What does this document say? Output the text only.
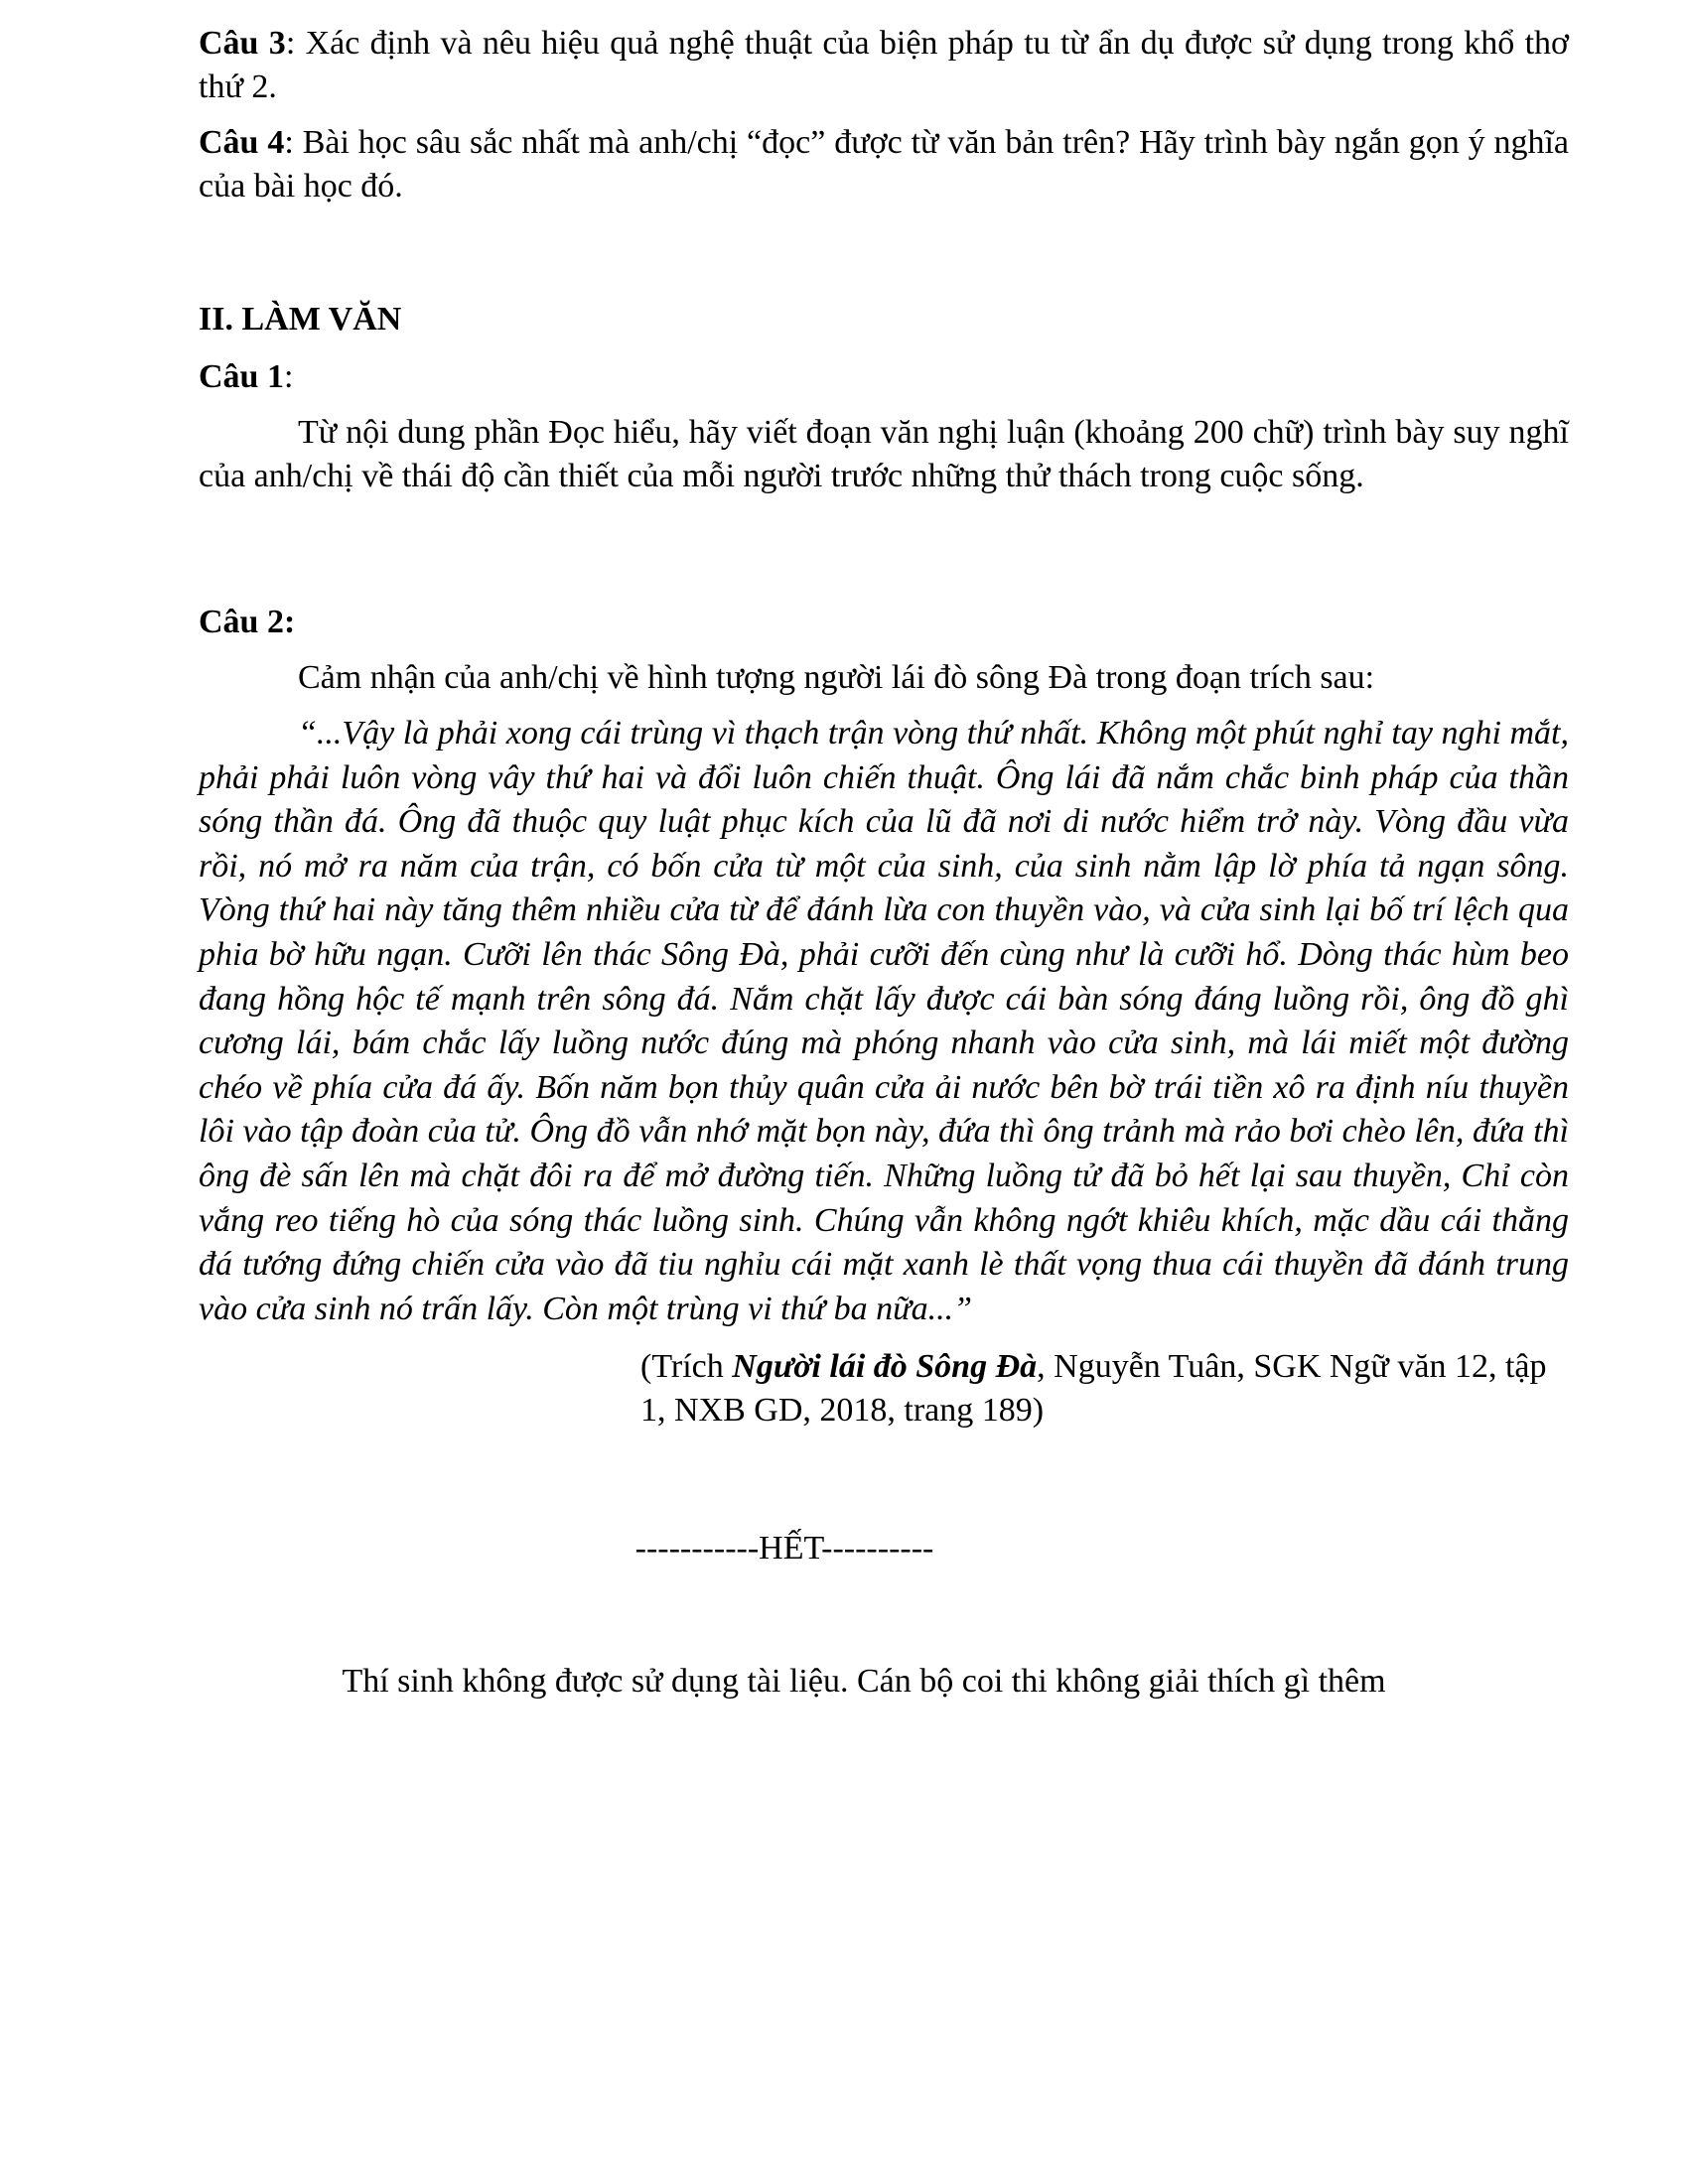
Câu 3: Xác định và nêu hiệu quả nghệ thuật của biện pháp tu từ ẩn dụ được sử dụng trong khổ thơ thứ 2.

Câu 4: Bài học sâu sắc nhất mà anh/chị “đọc” được từ văn bản trên? Hãy trình bày ngắn gọn ý nghĩa của bài học đó.

II. LÀM VĂN

Câu 1:

Từ nội dung phần Đọc hiểu, hãy viết đoạn văn nghị luận (khoảng 200 chữ) trình bày suy nghĩ của anh/chị về thái độ cần thiết của mỗi người trước những thử thách trong cuộc sống.

Câu 2:

Cảm nhận của anh/chị về hình tượng người lái đò sông Đà trong đoạn trích sau:

“...Vậy là phải xong cái trùng vì thạch trận vòng thứ nhất. Không một phút nghỉ tay nghi mắt, phải phải luôn vòng vây thứ hai và đổi luôn chiến thuật. Ông lái đã nắm chắc binh pháp của thần sóng thần đá. Ông đã thuộc quy luật phục kích của lũ đã nơi di nước hiểm trở này. Vòng đầu vừa rồi, nó mở ra năm của trận, có bốn cửa từ một của sinh, của sinh nằm lập lờ phía tả ngạn sông. Vòng thứ hai này tăng thêm nhiều cửa từ để đánh lừa con thuyền vào, và cửa sinh lại bố trí lệch qua phia bờ hữu ngạn. Cưỡi lên thác Sông Đà, phải cưỡi đến cùng như là cưỡi hổ. Dòng thác hùm beo đang hồng hộc tế mạnh trên sông đá. Nắm chặt lấy được cái bàn sóng đáng luồng rồi, ông đồ ghì cương lái, bám chắc lấy luồng nước đúng mà phóng nhanh vào cửa sinh, mà lái miết một đường chéo về phía cửa đá ấy. Bốn năm bọn thủy quân cửa ải nước bên bờ trái tiền xô ra định níu thuyền lôi vào tập đoàn của tử. Ông đồ vẫn nhớ mặt bọn này, đứa thì ông trảnh mà rảo bơi chèo lên, đứa thì ông đè sấn lên mà chặt đôi ra để mở đường tiến. Những luồng tử đã bỏ hết lại sau thuyền, Chỉ còn vắng reo tiếng hò của sóng thác luồng sinh. Chúng vẫn không ngớt khiêu khích, mặc dầu cái thằng đá tướng đứng chiến cửa vào đã tiu nghỉu cái mặt xanh lè thất vọng thua cái thuyền đã đánh trung vào cửa sinh nó trấn lấy. Còn một trùng vi thứ ba nữa...”

(Trích Người lái đò Sông Đà, Nguyễn Tuân, SGK Ngữ văn 12, tập 1, NXB GD, 2018, trang 189)

-----------HẾT----------

Thí sinh không được sử dụng tài liệu. Cán bộ coi thi không giải thích gì thêm
